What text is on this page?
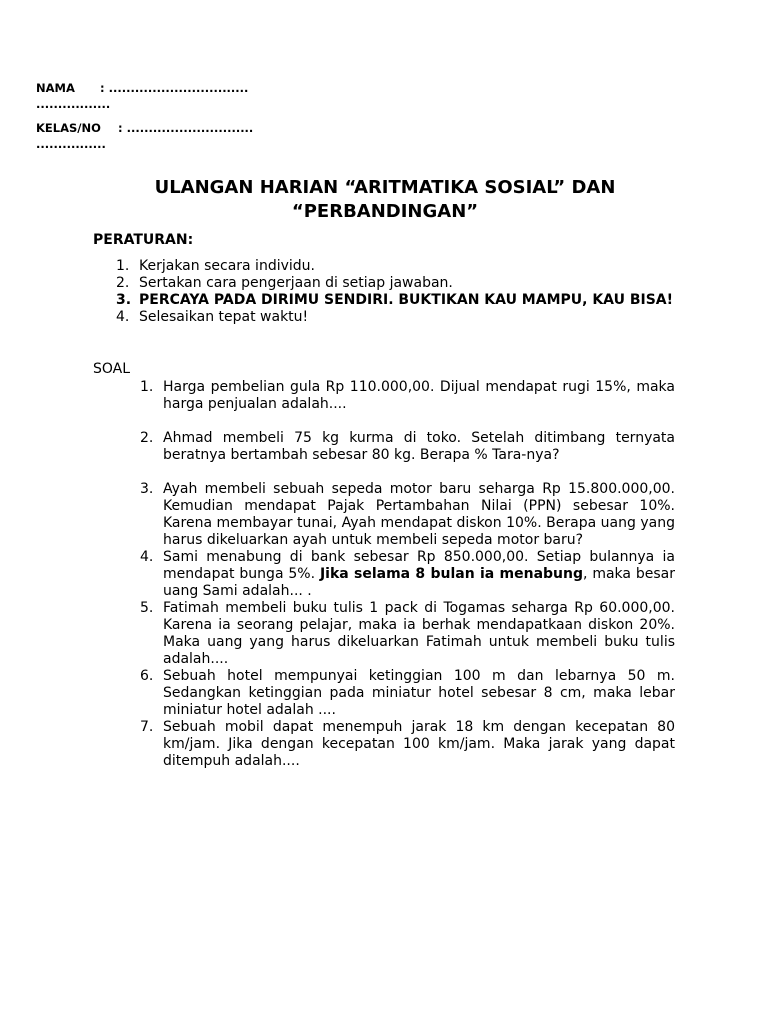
NAMA : ................................
.................
KELAS/NO : .............................
................
ULANGAN HARIAN “ARITMATIKA SOSIAL” DAN
“PERBANDINGAN”
PERATURAN:
1. Kerjakan secara individu.
2. Sertakan cara pengerjaan di setiap jawaban.
3. PERCAYA PADA DIRIMU SENDIRI. BUKTIKAN KAU MAMPU, KAU BISA!
4. Selesaikan tepat waktu!
SOAL
1. Harga pembelian gula Rp 110.000,00. Dijual mendapat rugi 15%, maka harga penjualan adalah....
2. Ahmad membeli 75 kg kurma di toko. Setelah ditimbang ternyata beratnya bertambah sebesar 80 kg. Berapa % Tara-nya?
3. Ayah membeli sebuah sepeda motor baru seharga Rp 15.800.000,00. Kemudian mendapat Pajak Pertambahan Nilai (PPN) sebesar 10%. Karena membayar tunai, Ayah mendapat diskon 10%. Berapa uang yang harus dikeluarkan ayah untuk membeli sepeda motor baru?
4. Sami menabung di bank sebesar Rp 850.000,00. Setiap bulannya ia mendapat bunga 5%. Jika selama 8 bulan ia menabung, maka besar uang Sami adalah... .
5. Fatimah membeli buku tulis 1 pack di Togamas seharga Rp 60.000,00. Karena ia seorang pelajar, maka ia berhak mendapatkaan diskon 20%. Maka uang yang harus dikeluarkan Fatimah untuk membeli buku tulis adalah....
6. Sebuah hotel mempunyai ketinggian 100 m dan lebarnya 50 m. Sedangkan ketinggian pada miniatur hotel sebesar 8 cm, maka lebar miniatur hotel adalah ....
7. Sebuah mobil dapat menempuh jarak 18 km dengan kecepatan 80 km/jam. Jika dengan kecepatan 100 km/jam. Maka jarak yang dapat ditempuh adalah....
